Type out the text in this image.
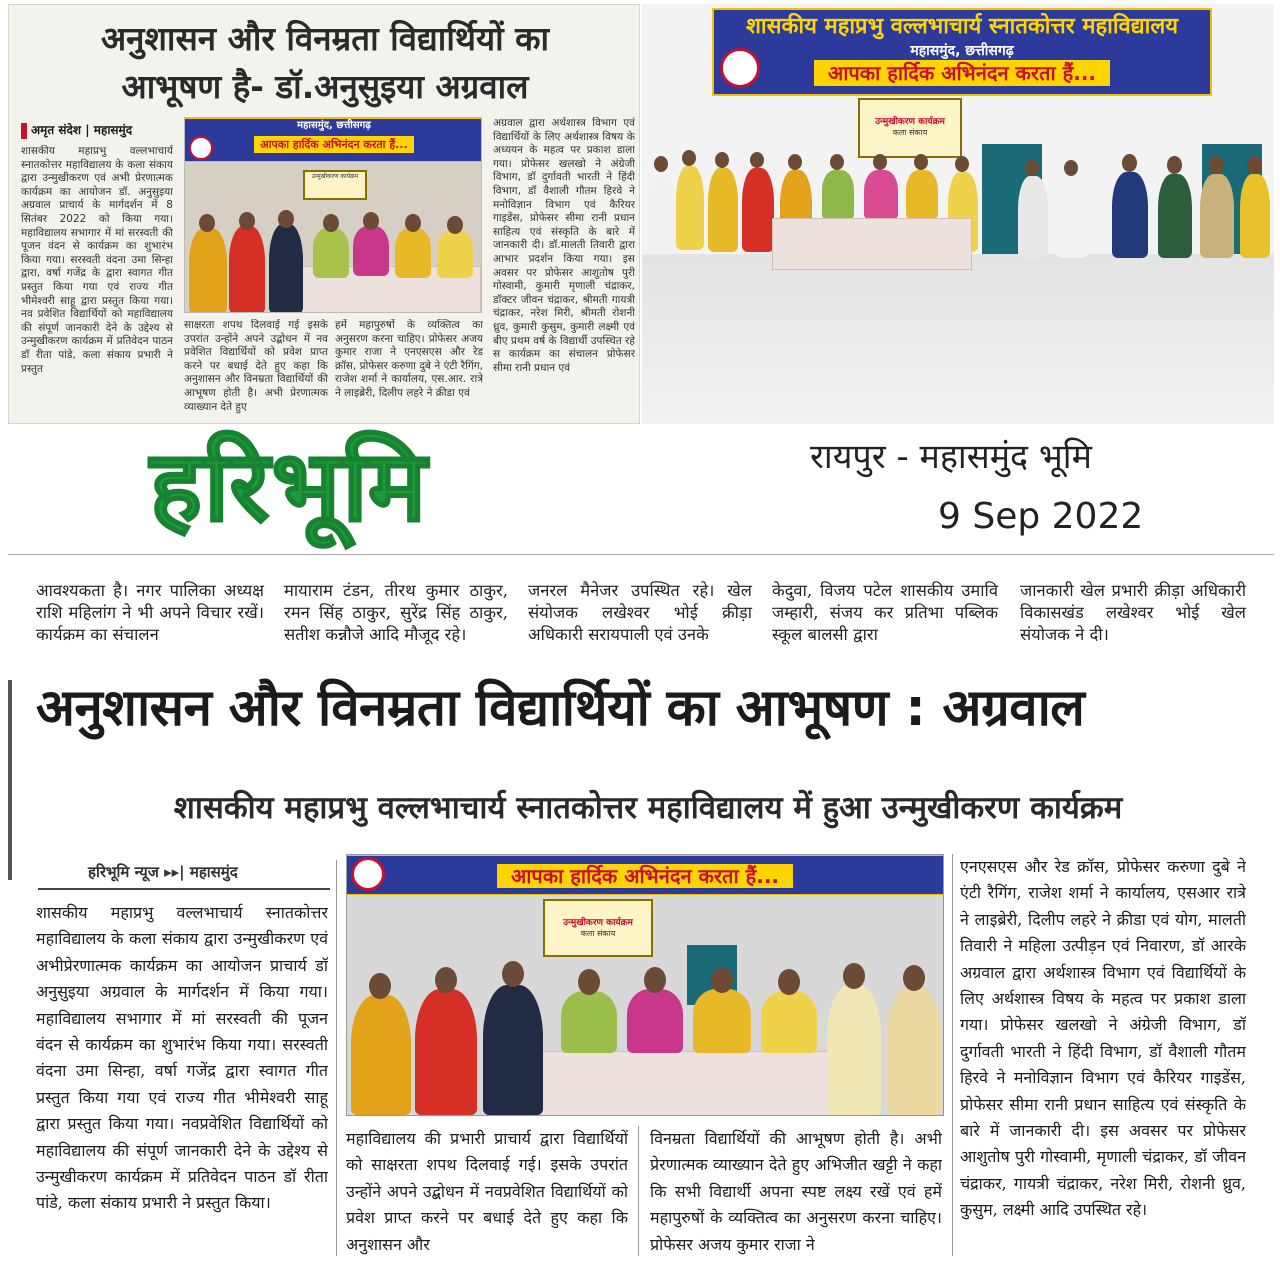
अनुशासन और विनम्रता विद्यार्थियों का
आभूषण है- डॉ.अनुसुइया अग्रवाल
अमृत संदेश | महासमुंद
शासकीय महाप्रभु वल्लभाचार्य स्नातकोत्तर महाविद्यालय के कला संकाय द्वारा उन्मुखीकरण एवं अभी प्रेरणात्मक कार्यक्रम का आयोजन डॉ. अनुसुइया अग्रवाल प्राचार्य के मार्गदर्शन में 8 सितंबर 2022 को किया गया। महाविद्यालय सभागार में मां सरस्वती की पूजन वंदन से कार्यक्रम का शुभारंभ किया गया। सरस्वती वंदना उमा सिन्हा द्वारा, वर्षा गजेंद्र के द्वारा स्वागत गीत प्रस्तुत किया गया एवं राज्य गीत भीमेश्वरी साहू द्वारा प्रस्तुत किया गया। नव प्रवेशित विद्यार्थियों को महाविद्यालय की संपूर्ण जानकारी देने के उद्देश्य से उन्मुखीकरण कार्यक्रम में प्रतिवेदन पाठन डॉ रीता पांडे, कला संकाय प्रभारी ने प्रस्तुत
महासमुंद, छत्तीसगढ़
आपका हार्दिक अभिनंदन करता हैं...
उन्मुखीकरण कार्यक्रम
साक्षरता शपथ दिलवाई गई इसके उपरांत उन्होंने अपने उद्बोधन में नव प्रवेशित विद्यार्थियों को प्रवेश प्राप्त करने पर बधाई देते हुए कहा कि अनुशासन और विनम्रता विद्यार्थियों की आभूषण होती है। अभी प्रेरणात्मक व्याख्यान देते हुए
हमें महापुरुषों के व्यक्तित्व का अनुसरण करना चाहिए। प्रोफेसर अजय कुमार राजा ने एनएसएस और रेड क्रॉस, प्रोफेसर करुणा दुबे ने एंटी रैगिंग, राजेश शर्मा ने कार्यालय, एस.आर. रात्रे ने लाइब्रेरी, दिलीप लहरे ने क्रीडा एवं
अग्रवाल द्वारा अर्थशास्त्र विभाग एवं विद्यार्थियों के लिए अर्थशास्त्र विषय के अध्ययन के महत्व पर प्रकाश डाला गया। प्रोफेसर खलखो ने अंग्रेजी विभाग, डॉ दुर्गावती भारती ने हिंदी विभाग, डॉ वैशाली गौतम हिरवे ने मनोविज्ञान विभाग एवं कैरियर गाइडेंस, प्रोफेसर सीमा रानी प्रधान साहित्य एवं संस्कृति के बारे में जानकारी दी। डॉ.मालती तिवारी द्वारा आभार प्रदर्शन किया गया। इस अवसर पर प्रोफेसर आशुतोष पुरी गोस्वामी, कुमारी मृणाली चंद्राकर, डॉक्टर जीवन चंद्राकर, श्रीमती गायत्री चंद्राकर, नरेश मिरी, श्रीमती रोशनी ध्रुव, कुमारी कुसुम, कुमारी लक्ष्मी एवं बीए प्रथम वर्ष के विद्यार्थी उपस्थित रहे स कार्यक्रम का संचालन प्रोफेसर सीमा रानी प्रधान एवं
शासकीय महाप्रभु वल्लभाचार्य स्नातकोत्तर महाविद्यालय
महासमुंद, छत्तीसगढ़
आपका हार्दिक अभिनंदन करता हैं...
उन्मुखीकरण कार्यक्रम
कला संकाय
हरिभूमि	रायपुर - महासमुंद भूमि
9 Sep 2022
आवश्यकता है। नगर पालिका अध्यक्ष राशि महिलांग ने भी अपने विचार रखें। कार्यक्रम का संचालन
मायाराम टंडन, तीरथ कुमार ठाकुर, रमन सिंह ठाकुर, सुरेंद्र सिंह ठाकुर, सतीश कन्नौजे आदि मौजूद रहे।
जनरल मैनेजर उपस्थित रहे। खेल संयोजक लखेश्वर भोई क्रीड़ा अधिकारी सरायपाली एवं उनके
केदुवा, विजय पटेल शासकीय उमावि जम्हारी, संजय कर प्रतिभा पब्लिक स्कूल बालसी द्वारा
जानकारी खेल प्रभारी क्रीड़ा अधिकारी विकासखंड लखेश्वर भोई खेल संयोजक ने दी।
अनुशासन और विनम्रता विद्यार्थियों का आभूषण : अग्रवाल
शासकीय महाप्रभु वल्लभाचार्य स्नातकोत्तर महाविद्यालय में हुआ उन्मुखीकरण कार्यक्रम
हरिभूमि न्यूज ▸▸| महासमुंद
शासकीय महाप्रभु वल्लभाचार्य स्नातकोत्तर महाविद्यालय के कला संकाय द्वारा उन्मुखीकरण एवं अभीप्रेरणात्मक कार्यक्रम का आयोजन प्राचार्य डॉ अनुसुइया अग्रवाल के मार्गदर्शन में किया गया। महाविद्यालय सभागार में मां सरस्वती की पूजन वंदन से कार्यक्रम का शुभारंभ किया गया। सरस्वती वंदना उमा सिन्हा, वर्षा गजेंद्र द्वारा स्वागत गीत प्रस्तुत किया गया एवं राज्य गीत भीमेश्वरी साहू द्वारा प्रस्तुत किया गया। नवप्रवेशित विद्यार्थियों को महाविद्यालय की संपूर्ण जानकारी देने के उद्देश्य से उन्मुखीकरण कार्यक्रम में प्रतिवेदन पाठन डॉ रीता पांडे, कला संकाय प्रभारी ने प्रस्तुत किया।
आपका हार्दिक अभिनंदन करता हैं...
उन्मुखीकरण कार्यक्रम
कला संकाय
महाविद्यालय की प्रभारी प्राचार्य द्वारा विद्यार्थियों को साक्षरता शपथ दिलवाई गई। इसके उपरांत उन्होंने अपने उद्बोधन में नवप्रवेशित विद्यार्थियों को प्रवेश प्राप्त करने पर बधाई देते हुए कहा कि अनुशासन और
विनम्रता विद्यार्थियों की आभूषण होती है। अभी प्रेरणात्मक व्याख्यान देते हुए अभिजीत खट्टी ने कहा कि सभी विद्यार्थी अपना स्पष्ट लक्ष्य रखें एवं हमें महापुरुषों के व्यक्तित्व का अनुसरण करना चाहिए। प्रोफेसर अजय कुमार राजा ने
एनएसएस और रेड क्रॉस, प्रोफेसर करुणा दुबे ने एंटी रैगिंग, राजेश शर्मा ने कार्यालय, एसआर रात्रे ने लाइब्रेरी, दिलीप लहरे ने क्रीडा एवं योग, मालती तिवारी ने महिला उत्पीड़न एवं निवारण, डॉ आरके अग्रवाल द्वारा अर्थशास्त्र विभाग एवं विद्यार्थियों के लिए अर्थशास्त्र विषय के महत्व पर प्रकाश डाला गया। प्रोफेसर खलखो ने अंग्रेजी विभाग, डॉ दुर्गावती भारती ने हिंदी विभाग, डॉ वैशाली गौतम हिरवे ने मनोविज्ञान विभाग एवं कैरियर गाइडेंस, प्रोफेसर सीमा रानी प्रधान साहित्य एवं संस्कृति के बारे में जानकारी दी। इस अवसर पर प्रोफेसर आशुतोष पुरी गोस्वामी, मृणाली चंद्राकर, डॉ जीवन चंद्राकर, गायत्री चंद्राकर, नरेश मिरी, रोशनी ध्रुव, कुसुम, लक्ष्मी आदि उपस्थित रहे।
